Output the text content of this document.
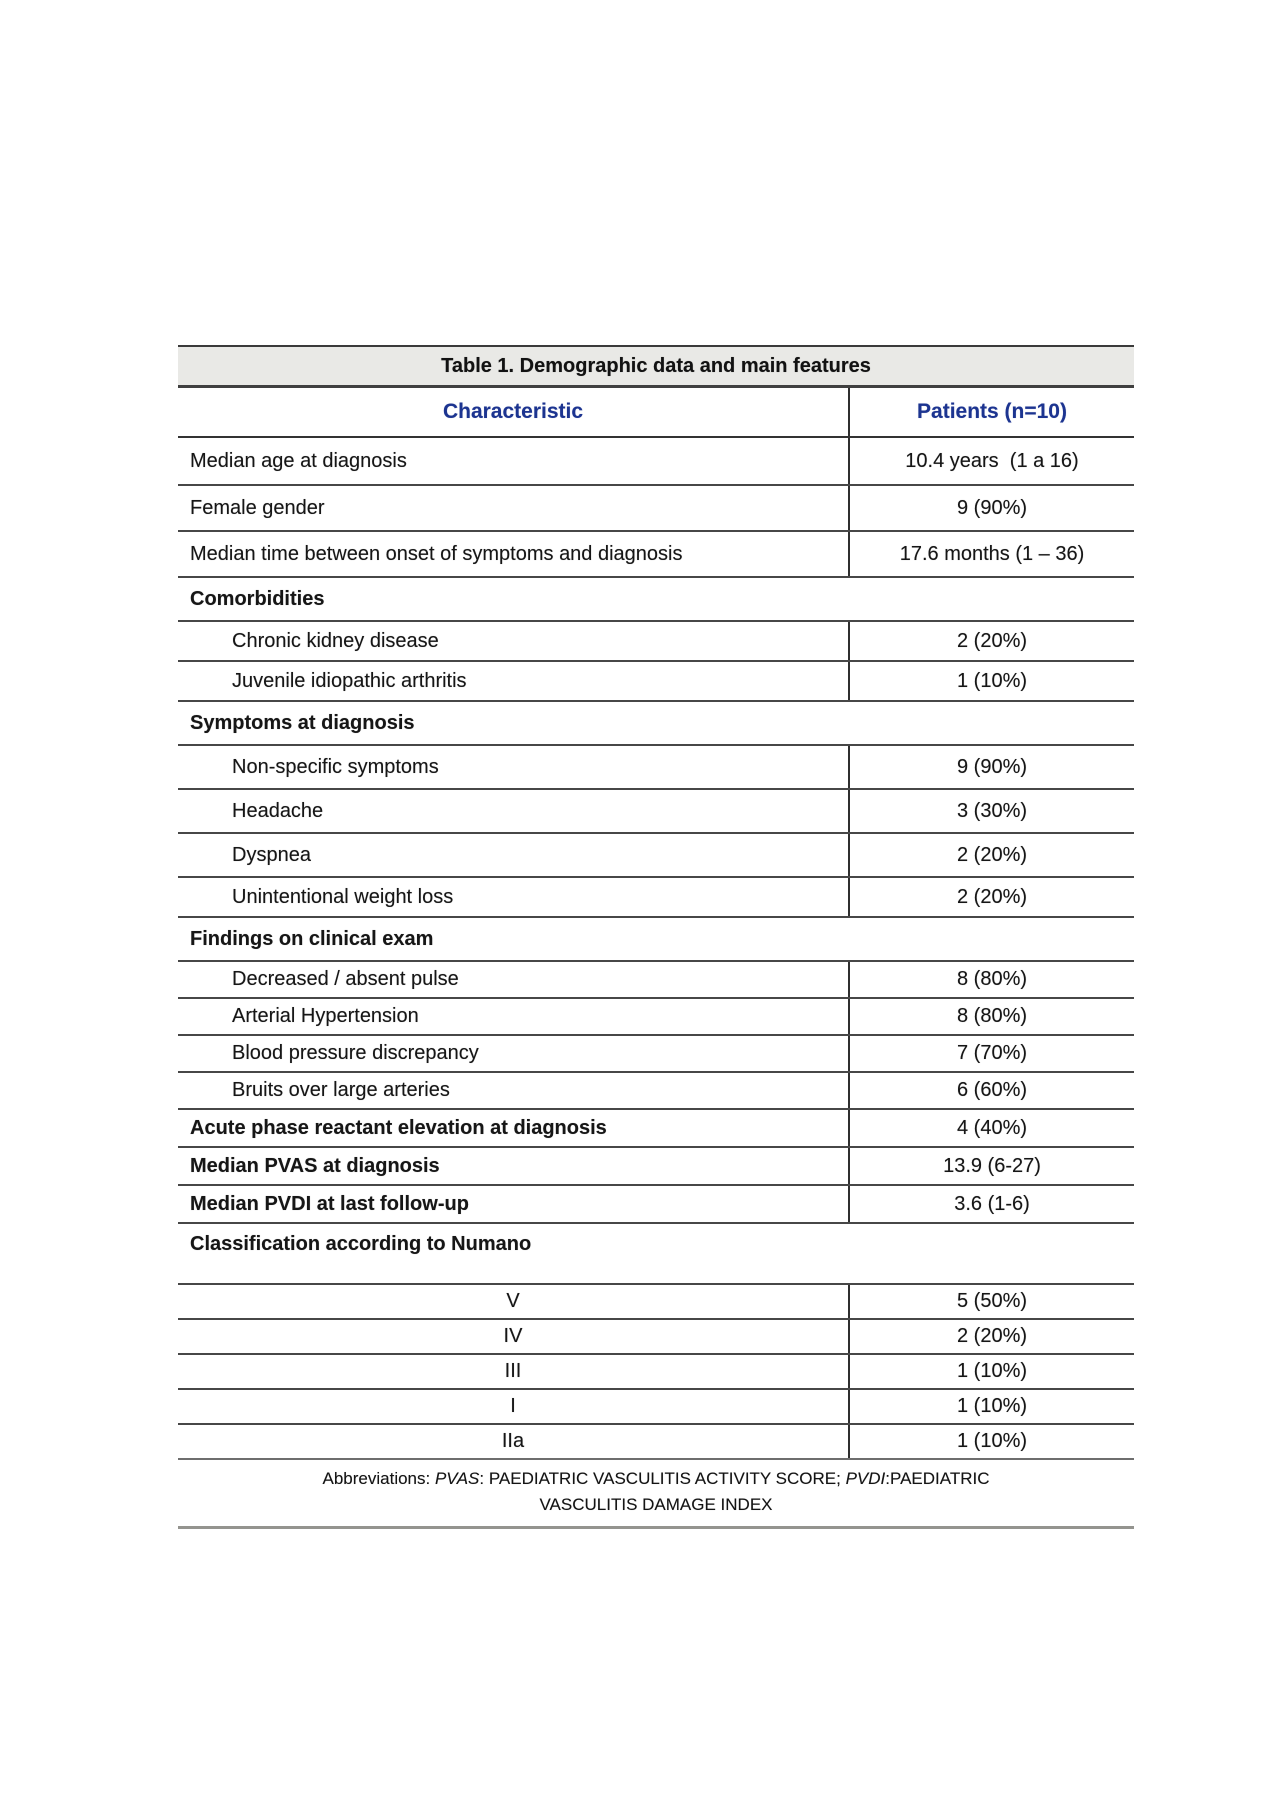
Table 1. Demographic data and main features
Characteristic	Patients (n=10)
Median age at diagnosis	10.4 years  (1 a 16)
Female gender	9 (90%)
Median time between onset of symptoms and diagnosis	17.6 months (1 – 36)
Comorbidities
Chronic kidney disease	2 (20%)
Juvenile idiopathic arthritis	1 (10%)
Symptoms at diagnosis
Non-specific symptoms	9 (90%)
Headache	3 (30%)
Dyspnea	2 (20%)
Unintentional weight loss	2 (20%)
Findings on clinical exam
Decreased / absent pulse	8 (80%)
Arterial Hypertension	8 (80%)
Blood pressure discrepancy	7 (70%)
Bruits over large arteries	6 (60%)
Acute phase reactant elevation at diagnosis	4 (40%)
Median PVAS at diagnosis	13.9 (6-27)
Median PVDI at last follow-up	3.6 (1-6)
Classification according to Numano
V	5 (50%)
IV	2 (20%)
III	1 (10%)
I	1 (10%)
IIa	1 (10%)
Abbreviations: PVAS: PAEDIATRIC VASCULITIS ACTIVITY SCORE; PVDI:PAEDIATRIC
VASCULITIS DAMAGE INDEX
